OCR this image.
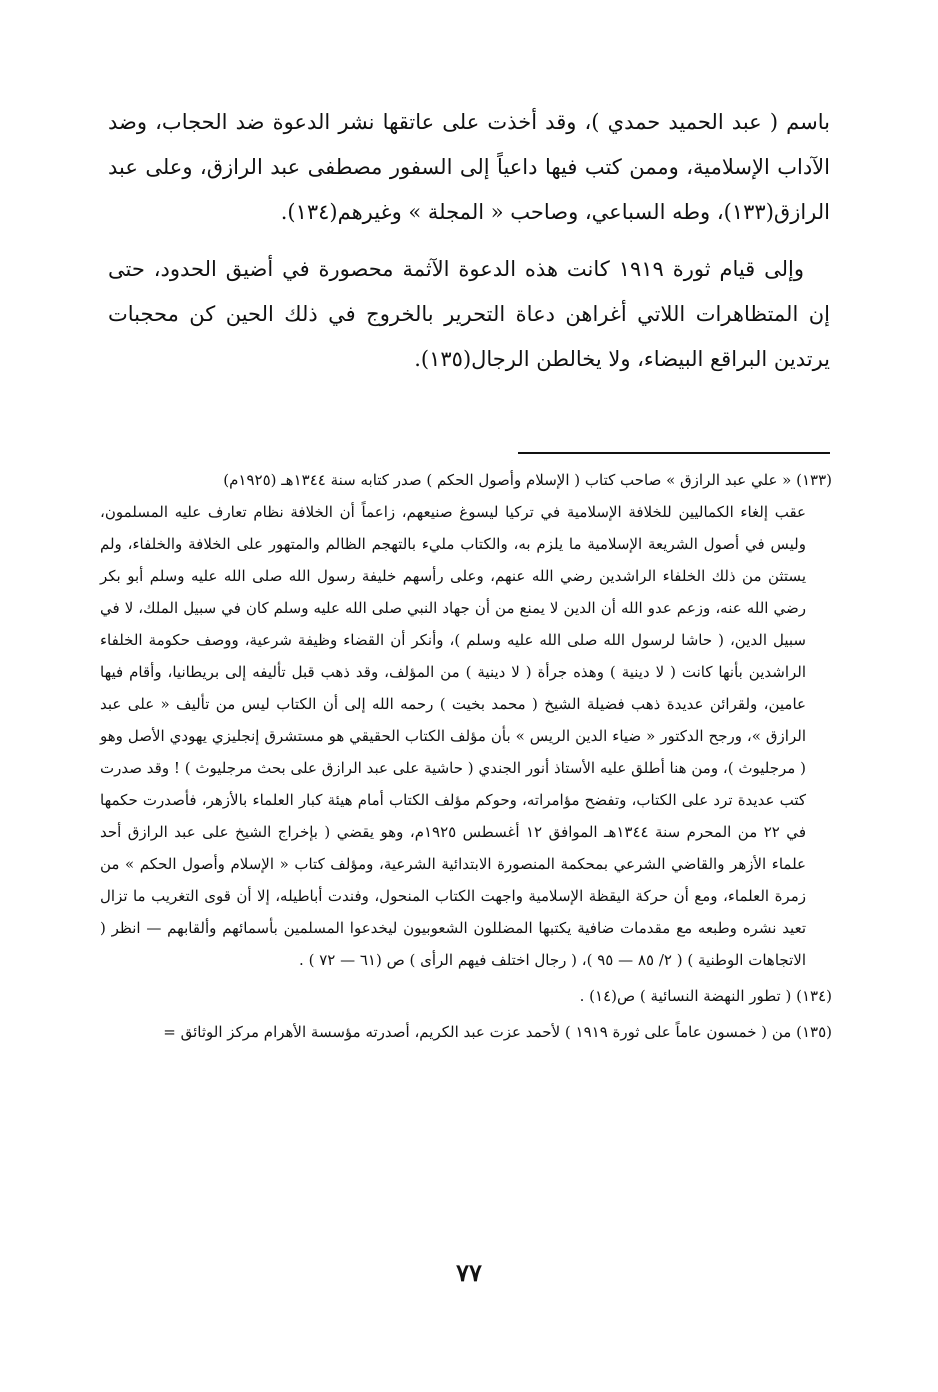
باسم ( عبد الحميد حمدي )، وقد أخذت على عاتقها نشر الدعوة ضد الحجاب، وضد الآداب الإسلامية، وممن كتب فيها داعياً إلى السفور مصطفى عبد الرازق، وعلى عبد الرازق(١٣٣)، وطه السباعي، وصاحب « المجلة » وغيرهم(١٣٤).

وإلى قيام ثورة ١٩١٩ كانت هذه الدعوة الآثمة محصورة في أضيق الحدود، حتى إن المتظاهرات اللاتي أغراهن دعاة التحرير بالخروج في ذلك الحين كن محجبات يرتدين البراقع البيضاء، ولا يخالطن الرجال(١٣٥).

(١٣٣) « علي عبد الرازق » صاحب كتاب ( الإسلام وأصول الحكم ) صدر كتابه سنة ١٣٤٤هـ (١٩٢٥م)
عقب إلغاء الكماليين للخلافة الإسلامية في تركيا ليسوغ صنيعهم، زاعماً أن الخلافة نظام تعارف عليه المسلمون، وليس في أصول الشريعة الإسلامية ما يلزم به، والكتاب مليء بالتهجم الظالم والمتهور على الخلافة والخلفاء، ولم يستثن من ذلك الخلفاء الراشدين رضي الله عنهم، وعلى رأسهم خليفة رسول الله صلى الله عليه وسلم أبو بكر رضي الله عنه، وزعم عدو الله أن الدين لا يمنع من أن جهاد النبي صلى الله عليه وسلم كان في سبيل الملك، لا في سبيل الدين، ( حاشا لرسول الله صلى الله عليه وسلم )، وأنكر أن القضاء وظيفة شرعية، ووصف حكومة الخلفاء الراشدين بأنها كانت ( لا دينية ) وهذه جرأة ( لا دينية ) من المؤلف، وقد ذهب قبل تأليفه إلى بريطانيا، وأقام فيها عامين، ولقرائن عديدة ذهب فضيلة الشيخ ( محمد بخيت ) رحمه الله إلى أن الكتاب ليس من تأليف « على عبد الرازق »، ورجح الدكتور « ضياء الدين الريس » بأن مؤلف الكتاب الحقيقي هو مستشرق إنجليزي يهودي الأصل وهو ( مرجليوث )، ومن هنا أطلق عليه الأستاذ أنور الجندي ( حاشية على عبد الرازق على بحث مرجليوث ) ! وقد صدرت كتب عديدة ترد على الكتاب، وتفضح مؤامراته، وحوكم مؤلف الكتاب أمام هيئة كبار العلماء بالأزهر، فأصدرت حكمها في ٢٢ من المحرم سنة ١٣٤٤هـ الموافق ١٢ أغسطس ١٩٢٥م، وهو يقضي ( بإخراج الشيخ على عبد الرازق أحد علماء الأزهر والقاضي الشرعي بمحكمة المنصورة الابتدائية الشرعية، ومؤلف كتاب « الإسلام وأصول الحكم » من زمرة العلماء، ومع أن حركة اليقظة الإسلامية واجهت الكتاب المنحول، وفندت أباطيله، إلا أن قوى التغريب ما تزال تعيد نشره وطبعه مع مقدمات ضافية يكتبها المضللون الشعوبيون ليخدعوا المسلمين بأسمائهم وألقابهم — انظر ( الاتجاهات الوطنية ) ( ٢/ ٨٥ — ٩٥ )، ( رجال اختلف فيهم الرأى ) ص (٦١ — ٧٢ ) .
(١٣٤) ( تطور النهضة النسائية ) ص(١٤) .
(١٣٥) من ( خمسون عاماً على ثورة ١٩١٩ ) لأحمد عزت عبد الكريم، أصدرته مؤسسة الأهرام مركز الوثائق =
٧٧
